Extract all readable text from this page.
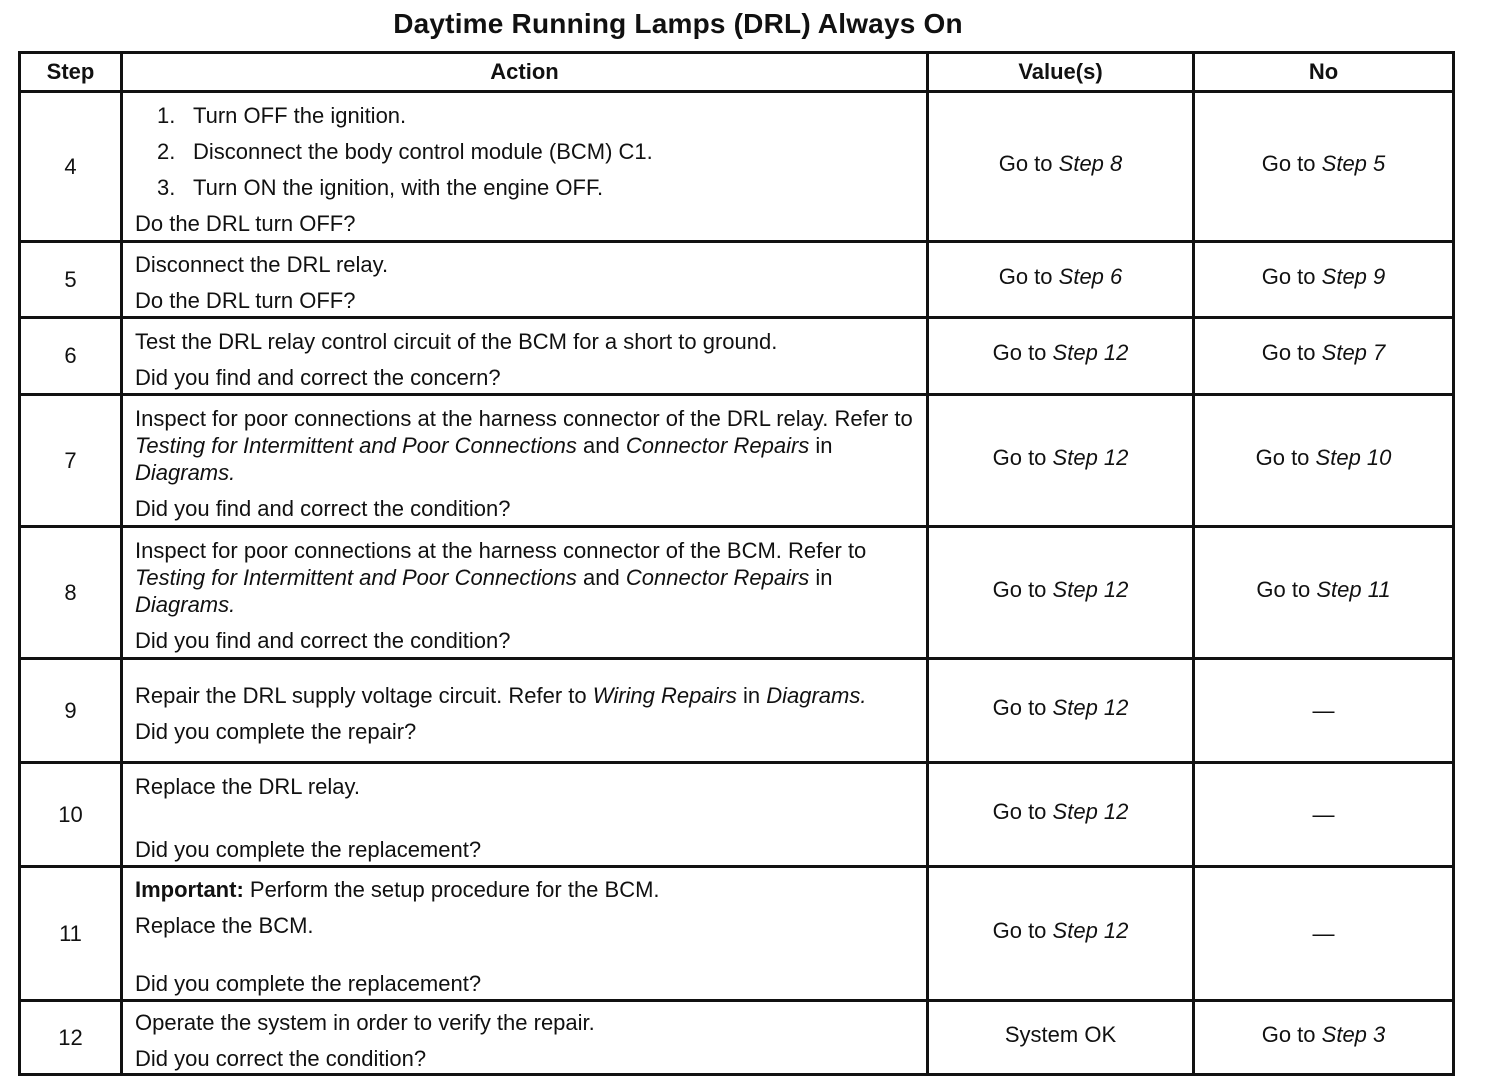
Daytime Running Lamps (DRL) Always On
Step	Action	Value(s)	No
4	1. Turn OFF the ignition.
2. Disconnect the body control module (BCM) C1.
3. Turn ON the ignition, with the engine OFF.
Do the DRL turn OFF?	Go to Step 8	Go to Step 5
5	Disconnect the DRL relay.
Do the DRL turn OFF?	Go to Step 6	Go to Step 9
6	Test the DRL relay control circuit of the BCM for a short to ground.
Did you find and correct the concern?	Go to Step 12	Go to Step 7
7	Inspect for poor connections at the harness connector of the DRL relay. Refer to Testing for Intermittent and Poor Connections and Connector Repairs in Diagrams.
Did you find and correct the condition?	Go to Step 12	Go to Step 10
8	Inspect for poor connections at the harness connector of the BCM. Refer to Testing for Intermittent and Poor Connections and Connector Repairs in Diagrams.
Did you find and correct the condition?	Go to Step 12	Go to Step 11
9	Repair the DRL supply voltage circuit. Refer to Wiring Repairs in Diagrams.
Did you complete the repair?	Go to Step 12	—
10	Replace the DRL relay.

Did you complete the replacement?	Go to Step 12	—
11	Important: Perform the setup procedure for the BCM.
Replace the BCM.

Did you complete the replacement?	Go to Step 12	—
12	Operate the system in order to verify the repair.
Did you correct the condition?	System OK	Go to Step 3
